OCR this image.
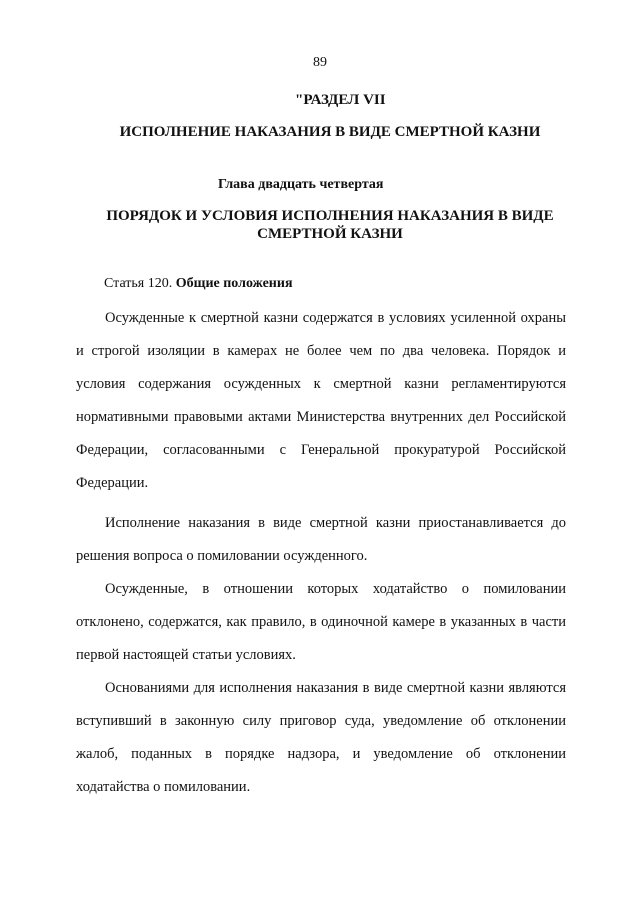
89
"РАЗДЕЛ VII
ИСПОЛНЕНИЕ НАКАЗАНИЯ В ВИДЕ СМЕРТНОЙ КАЗНИ
Глава двадцать четвертая
ПОРЯДОК И УСЛОВИЯ ИСПОЛНЕНИЯ НАКАЗАНИЯ В ВИДЕ СМЕРТНОЙ КАЗНИ
Статья 120. Общие положения

Осужденные к смертной казни содержатся в условиях усиленной охраны и строгой изоляции в камерах не более чем по два человека. Порядок и условия содержания осужденных к смертной казни регламентируются нормативными правовыми актами Министерства внутренних дел Российской Федерации, согласованными с Генеральной прокуратурой Российской Федерации.

Исполнение наказания в виде смертной казни приостанавливается до решения вопроса о помиловании осужденного.

Осужденные, в отношении которых ходатайство о помиловании отклонено, содержатся, как правило, в одиночной камере в указанных в части первой настоящей статьи условиях.

Основаниями для исполнения наказания в виде смертной казни являются вступивший в законную силу приговор суда, уведомление об отклонении жалоб, поданных в порядке надзора, и уведомление об отклонении ходатайства о помиловании.
